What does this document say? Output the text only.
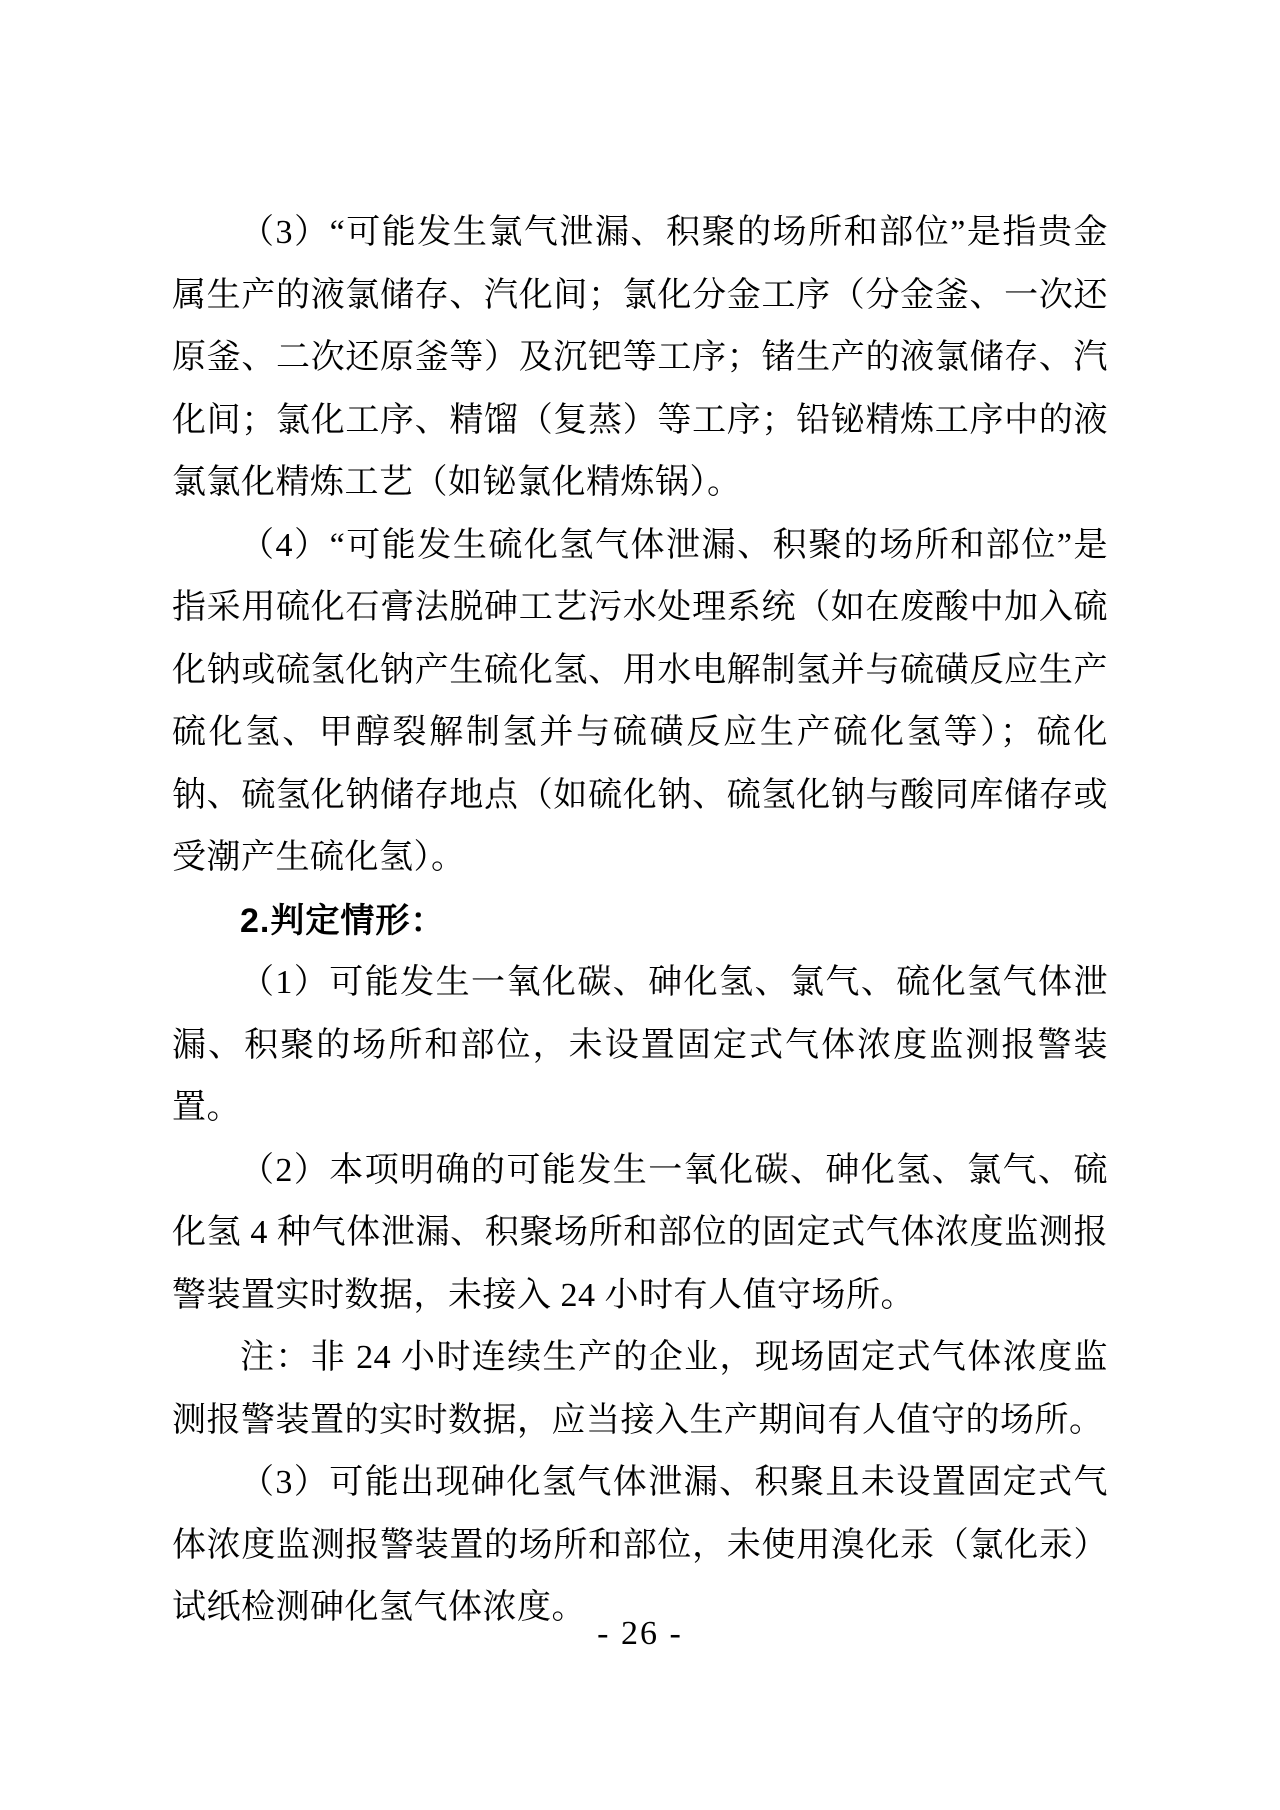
（3）“可能发生氯气泄漏、积聚的场所和部位”是指贵金属生产的液氯储存、汽化间；氯化分金工序（分金釜、一次还原釜、二次还原釜等）及沉钯等工序；锗生产的液氯储存、汽化间；氯化工序、精馏（复蒸）等工序；铅铋精炼工序中的液氯氯化精炼工艺（如铋氯化精炼锅）。
（4）“可能发生硫化氢气体泄漏、积聚的场所和部位”是指采用硫化石膏法脱砷工艺污水处理系统（如在废酸中加入硫化钠或硫氢化钠产生硫化氢、用水电解制氢并与硫磺反应生产硫化氢、甲醇裂解制氢并与硫磺反应生产硫化氢等）；硫化钠、硫氢化钠储存地点（如硫化钠、硫氢化钠与酸同库储存或受潮产生硫化氢）。
2.判定情形：
（1）可能发生一氧化碳、砷化氢、氯气、硫化氢气体泄漏、积聚的场所和部位，未设置固定式气体浓度监测报警装置。
（2）本项明确的可能发生一氧化碳、砷化氢、氯气、硫化氢 4 种气体泄漏、积聚场所和部位的固定式气体浓度监测报警装置实时数据，未接入 24 小时有人值守场所。
注：非 24 小时连续生产的企业，现场固定式气体浓度监测报警装置的实时数据，应当接入生产期间有人值守的场所。
（3）可能出现砷化氢气体泄漏、积聚且未设置固定式气体浓度监测报警装置的场所和部位，未使用溴化汞（氯化汞）试纸检测砷化氢气体浓度。
- 26 -
